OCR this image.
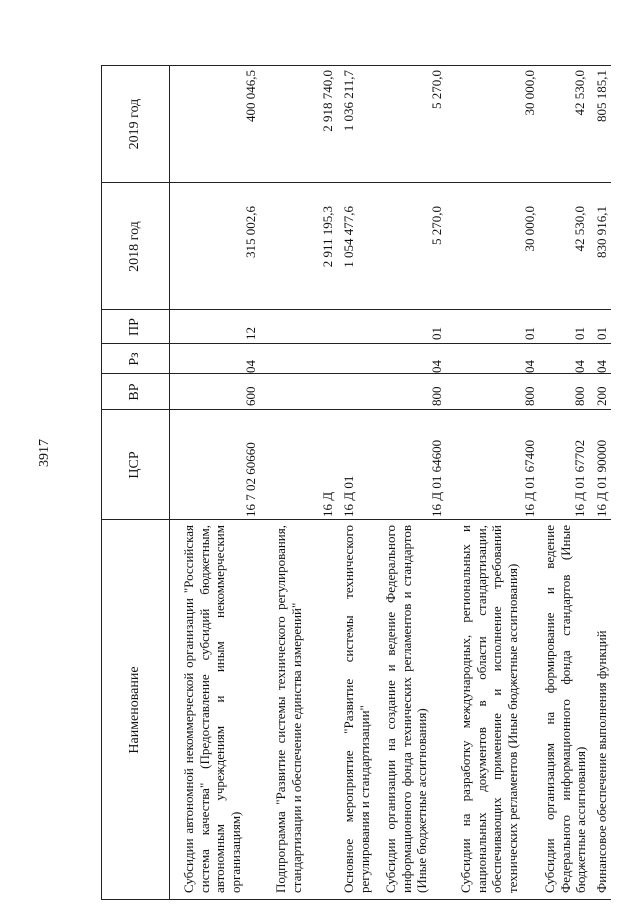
3917
Наименование
ЦСР
ВР
Рз
ПР
2018 год
2019 год
Субсидии автономной некоммерческой организации "Российская система качества" (Предоставление субсидий бюджетным, автономным учреждениям и иным некоммерческим организациям)
16 7 02 60660
600
04
12
315 002,6
400 046,5
Подпрограмма "Развитие системы технического регулирования, стандартизации и обеспечение единства измерений"
16 Д
2 911 195,3
2 918 740,0
Основное мероприятие "Развитие системы технического регулирования и стандартизации"
16 Д 01
1 054 477,6
1 036 211,7
Субсидии организации на создание и ведение Федерального информационного фонда технических регламентов и стандартов (Иные бюджетные ассигнования)
16 Д 01 64600
800
04
01
5 270,0
5 270,0
Субсидии на разработку международных, региональных и национальных документов в области стандартизации, обеспечивающих применение и исполнение требований технических регламентов (Иные бюджетные ассигнования)
16 Д 01 67400
800
04
01
30 000,0
30 000,0
Субсидии организациям на формирование и ведение Федерального информационного фонда стандартов (Иные бюджетные ассигнования)
16 Д 01 67702
800
04
01
42 530,0
42 530,0
Финансовое обеспечение выполнения функций
16 Д 01 90000
200
04
01
830 916,1
805 185,1
